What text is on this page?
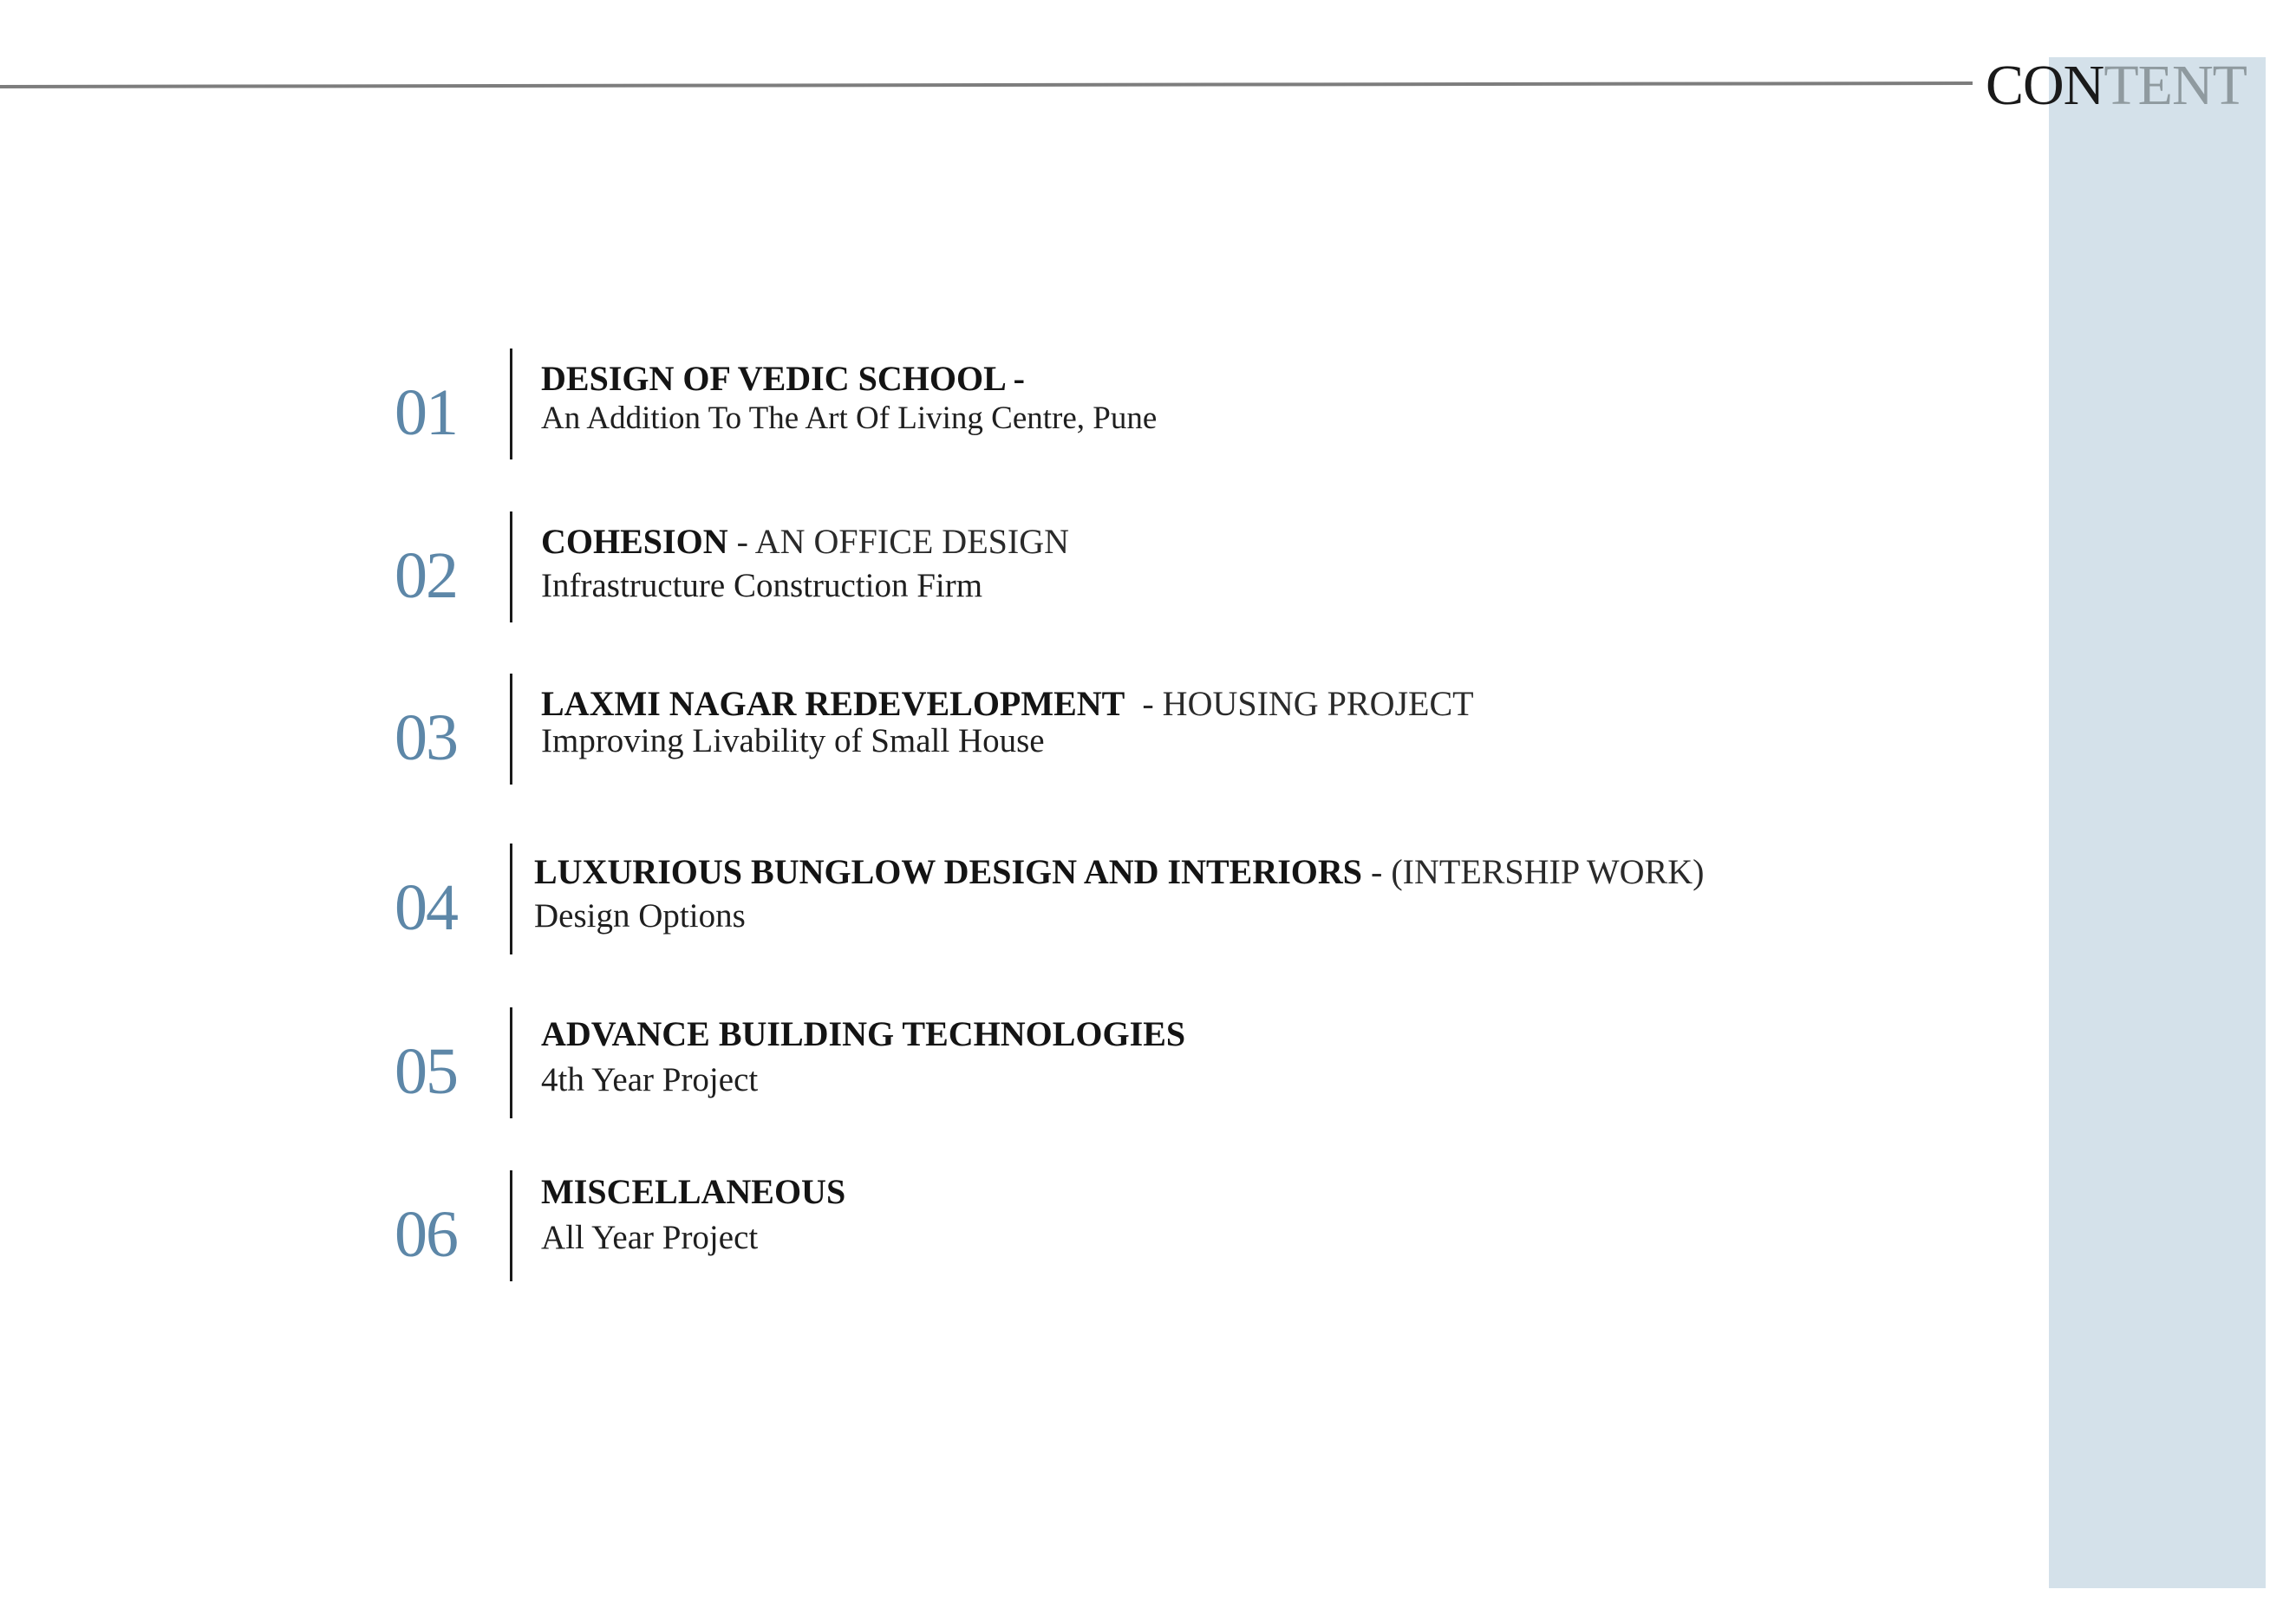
CONTENT
01 DESIGN OF VEDIC SCHOOL -
An Addition To The Art Of Living Centre, Pune
02 COHESION - AN OFFICE DESIGN
Infrastructure Construction Firm
03 LAXMI NAGAR REDEVELOPMENT  - HOUSING PROJECT
Improving Livability of Small House
04 LUXURIOUS BUNGLOW DESIGN AND INTERIORS - (INTERSHIP WORK)
Design Options
05
ADVANCE BUILDING TECHNOLOGIES
4th Year Project
06
MISCELLANEOUS
All Year Project
